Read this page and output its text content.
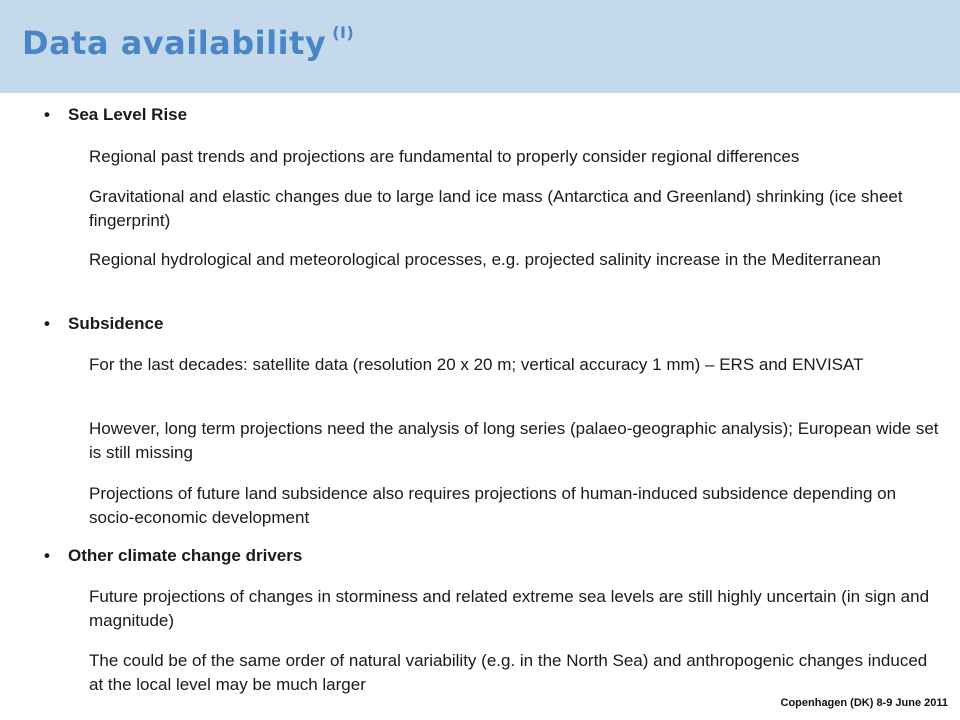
Data availability $^{(I)}$
• Sea Level Rise
Regional past trends and projections are fundamental to properly consider regional differences
Gravitational and elastic changes due to large land ice mass (Antarctica and Greenland) shrinking (ice sheet fingerprint)
Regional hydrological and meteorological processes, e.g. projected salinity increase in the Mediterranean
• Subsidence
For the last decades: satellite data (resolution 20 x 20 m; vertical accuracy 1 mm) – ERS and ENVISAT
However, long term projections need the analysis of long series (palaeo-geographic analysis); European wide set is still missing
Projections of future land subsidence also requires projections of human-induced subsidence depending on socio-economic development
• Other climate change drivers
Future projections of changes in storminess and related extreme sea levels are still highly uncertain (in sign and magnitude)
The could be of the same order of natural variability (e.g. in the North Sea) and anthropogenic changes induced at the local level may be much larger
Copenhagen (DK) 8-9 June 2011
